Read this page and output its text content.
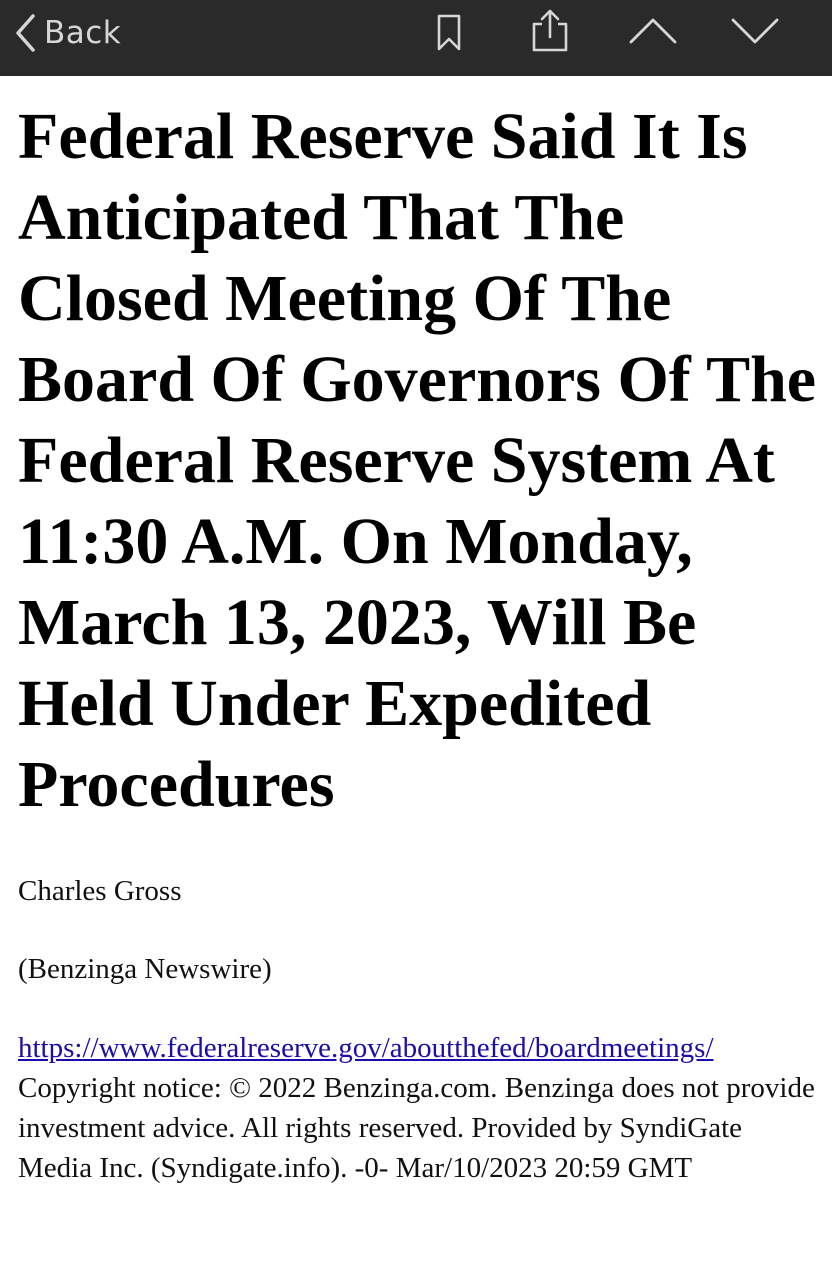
Back
Federal Reserve Said It Is Anticipated That The Closed Meeting Of The Board Of Governors Of The Federal Reserve System At 11:30 A.M. On Monday, March 13, 2023, Will Be Held Under Expedited Procedures
Charles Gross
(Benzinga Newswire)
https://www.federalreserve.gov/aboutthefed/boardmeetings/
Copyright notice: © 2022 Benzinga.com. Benzinga does not provide investment advice. All rights reserved. Provided by SyndiGate Media Inc. (Syndigate.info). -0- Mar/10/2023 20:59 GMT
